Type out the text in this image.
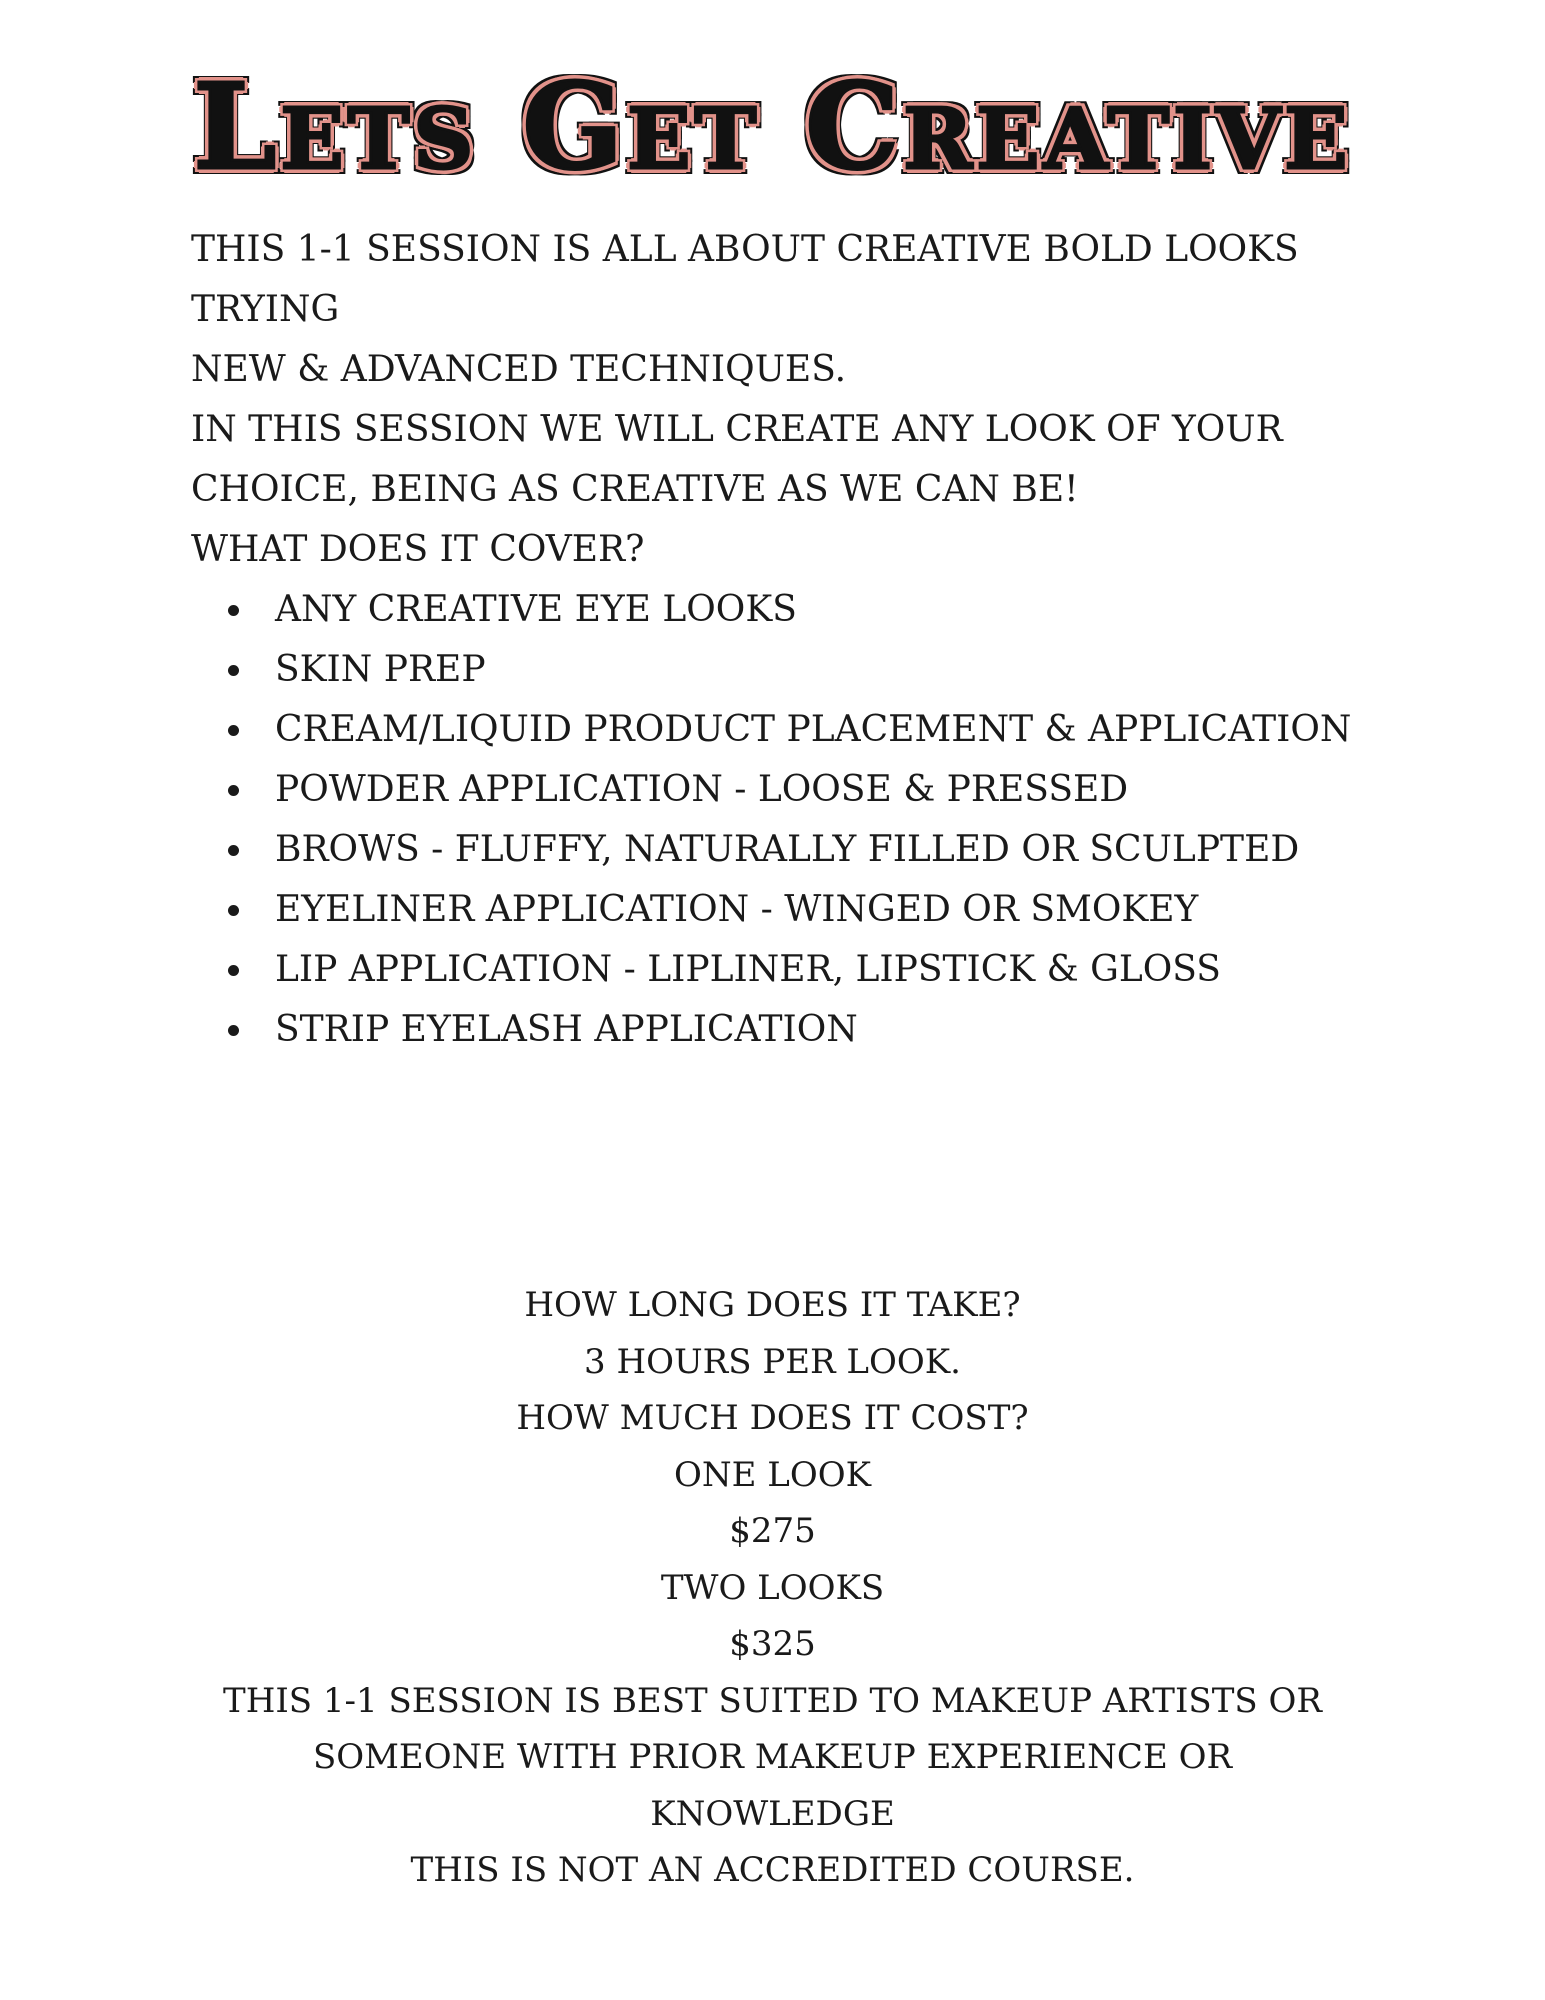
Lets Get Creative

THIS 1-1 SESSION IS ALL ABOUT CREATIVE BOLD LOOKS

TRYING

NEW & ADVANCED TECHNIQUES.

IN THIS SESSION WE WILL CREATE ANY LOOK OF YOUR

CHOICE, BEING AS CREATIVE AS WE CAN BE!

WHAT DOES IT COVER?

ANY CREATIVE EYE LOOKS
SKIN PREP
CREAM/LIQUID PRODUCT PLACEMENT & APPLICATION
POWDER APPLICATION - LOOSE & PRESSED
BROWS - FLUFFY, NATURALLY FILLED OR SCULPTED
EYELINER APPLICATION - WINGED OR SMOKEY
LIP APPLICATION - LIPLINER, LIPSTICK & GLOSS
STRIP EYELASH APPLICATION

HOW LONG DOES IT TAKE?

3 HOURS PER LOOK.

HOW MUCH DOES IT COST?

ONE LOOK

$275

TWO LOOKS

$325

THIS 1-1 SESSION IS BEST SUITED TO MAKEUP ARTISTS OR

SOMEONE WITH PRIOR MAKEUP EXPERIENCE OR

KNOWLEDGE

THIS IS NOT AN ACCREDITED COURSE.
